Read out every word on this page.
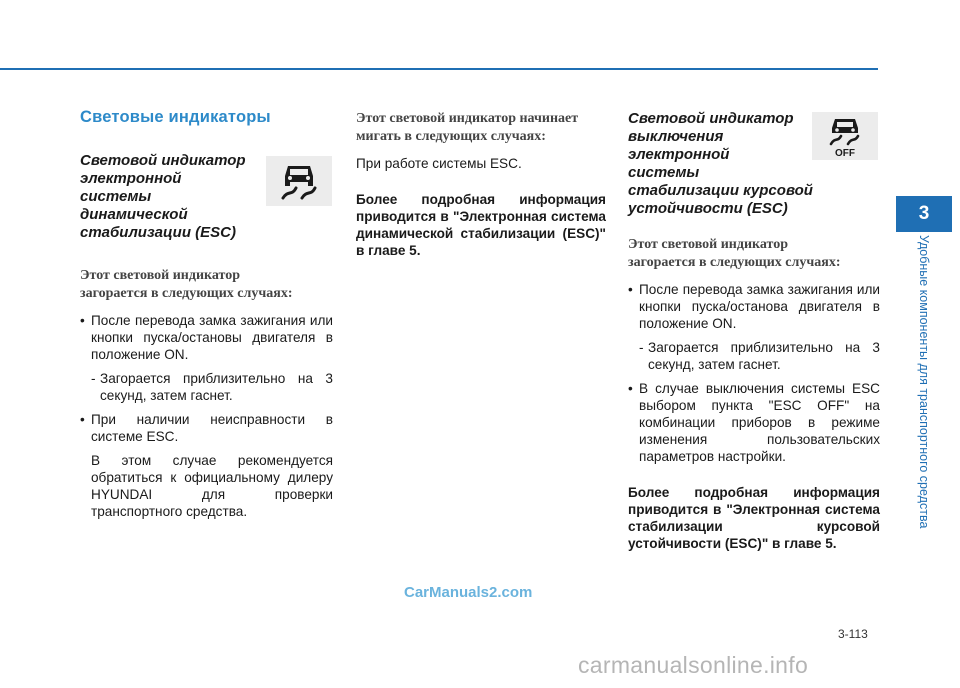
Световые индикаторы
Световой индикатор
электронной
системы
динамической
стабилизации (ESC)
Этот световой индикатор
загорается в следующих случаях:
• После перевода замка зажигания или кнопки пуска/остановы двигателя в положение ON.
- Загорается приблизительно на 3 секунд, затем гаснет.
• При наличии неисправности в системе ESC.
В этом случае рекомендуется обратиться к официальному дилеру HYUNDAI для проверки транспортного средства.
Этот световой индикатор начинает
мигать в следующих случаях:

При работе системы ESC.

Более подробная информация приводится в "Электронная система динамической стабилизации (ESC)" в главе 5.

Световой индикатор
выключения
электронной
системы
стабилизации курсовой
устойчивости (ESC)
Этот световой индикатор
загорается в следующих случаях:
• После перевода замка зажигания или кнопки пуска/остановa двигателя в положение ON.
- Загорается приблизительно на 3 секунд, затем гаснет.
• В случае выключения системы ESC выбором пункта "ESC OFF" на комбинации приборов в режиме изменения пользовательских параметров настройки.

Более подробная информация приводится в "Электронная система стабилизации курсовой устойчивости (ESC)" в главе 5.

OFF
3
Удобные компоненты для транспортного средства
3-113
CarManuals2.com
carmanualsonline.info
